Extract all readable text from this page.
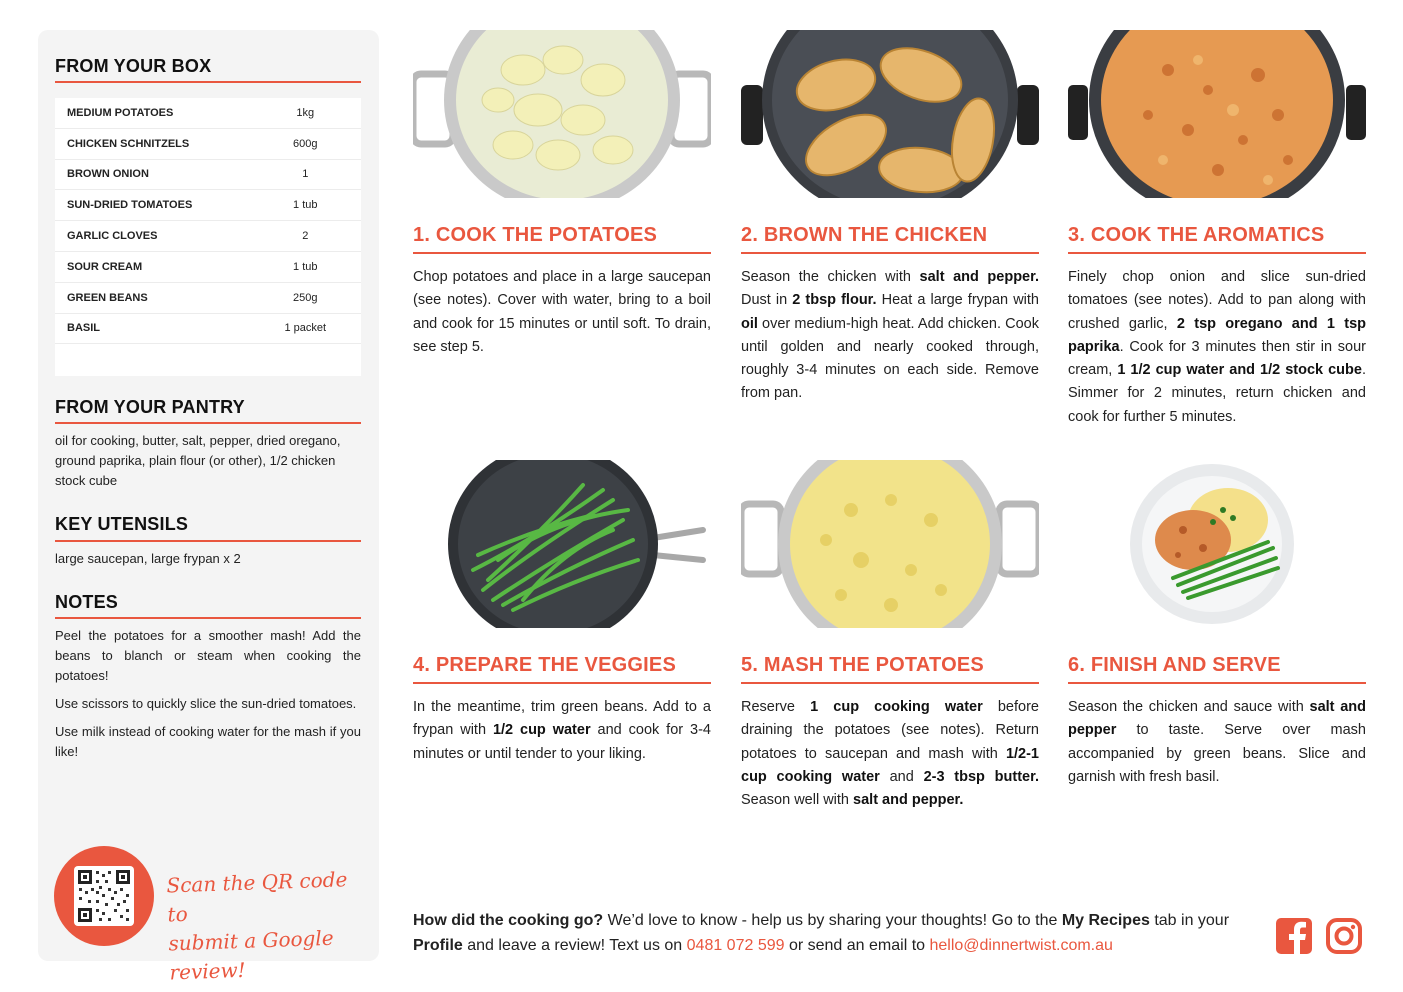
FROM YOUR BOX
MEDIUM POTATOES	1kg
CHICKEN SCHNITZELS	600g
BROWN ONION	1
SUN-DRIED TOMATOES	1 tub
GARLIC CLOVES	2
SOUR CREAM	1 tub
GREEN BEANS	250g
BASIL	1 packet
FROM YOUR PANTRY
oil for cooking, butter, salt, pepper, dried oregano, ground paprika, plain flour (or other), 1/2 chicken stock cube
KEY UTENSILS
large saucepan, large frypan x 2
NOTES

Peel the potatoes for a smoother mash! Add the beans to blanch or steam when cooking the potatoes!

Use scissors to quickly slice the sun-dried tomatoes.

Use milk instead of cooking water for the mash if you like!

Scan the QR code to
submit a Google review!
1. COOK THE POTATOES
Chop potatoes and place in a large saucepan (see notes). Cover with water, bring to a boil and cook for 15 minutes or until soft. To drain, see step 5.
2. BROWN THE CHICKEN
Season the chicken with salt and pepper. Dust in 2 tbsp flour. Heat a large frypan with oil over medium-high heat. Add chicken. Cook until golden and nearly cooked through, roughly 3-4 minutes on each side. Remove from pan.
3. COOK THE AROMATICS
Finely chop onion and slice sun-dried tomatoes (see notes). Add to pan along with crushed garlic, 2 tsp oregano and 1 tsp paprika. Cook for 3 minutes then stir in sour cream, 1 1/2 cup water and 1/2 stock cube. Simmer for 2 minutes, return chicken and cook for further 5 minutes.
4. PREPARE THE VEGGIES
In the meantime, trim green beans. Add to a frypan with 1/2 cup water and cook for 3-4 minutes or until tender to your liking.
5. MASH THE POTATOES
Reserve 1 cup cooking water before draining the potatoes (see notes). Return potatoes to saucepan and mash with 1/2-1 cup cooking water and 2-3 tbsp butter. Season well with salt and pepper.
6. FINISH AND SERVE
Season the chicken and sauce with salt and pepper to taste. Serve over mash accompanied by green beans. Slice and garnish with fresh basil.
How did the cooking go? We’d love to know - help us by sharing your thoughts! Go to the My Recipes tab in your Profile and leave a review! Text us on 0481 072 599 or send an email to hello@dinnertwist.com.au
